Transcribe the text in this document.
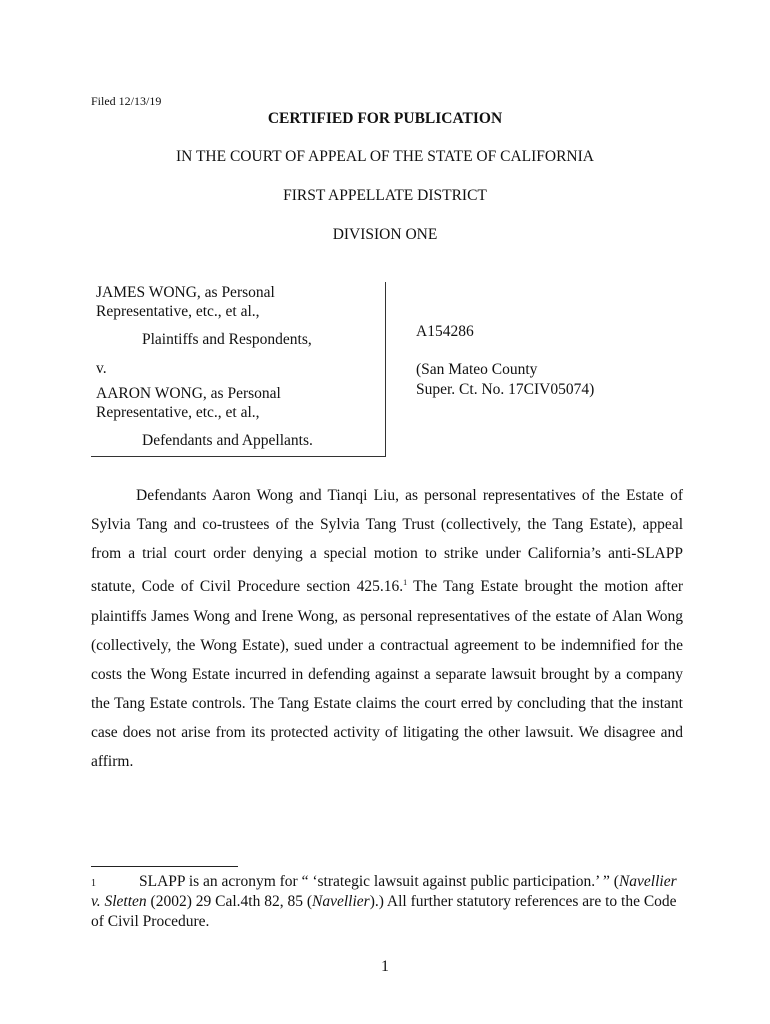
Filed 12/13/19
CERTIFIED FOR PUBLICATION
IN THE COURT OF APPEAL OF THE STATE OF CALIFORNIA
FIRST APPELLATE DISTRICT
DIVISION ONE
JAMES WONG, as Personal
Representative, etc., et al.,
Plaintiffs and Respondents,
v.
AARON WONG, as Personal
Representative, etc., et al.,
Defendants and Appellants.
A154286
(San Mateo County
Super. Ct. No. 17CIV05074)

Defendants Aaron Wong and Tianqi Liu, as personal representatives of the Estate of Sylvia Tang and co-trustees of the Sylvia Tang Trust (collectively, the Tang Estate), appeal from a trial court order denying a special motion to strike under California’s anti-SLAPP statute, Code of Civil Procedure section 425.16.$^1$ The Tang Estate brought the motion after plaintiffs James Wong and Irene Wong, as personal representatives of the estate of Alan Wong (collectively, the Wong Estate), sued under a contractual agreement to be indemnified for the costs the Wong Estate incurred in defending against a separate lawsuit brought by a company the Tang Estate controls. The Tang Estate claims the court erred by concluding that the instant case does not arise from its protected activity of litigating the other lawsuit. We disagree and affirm.

$^1$	SLAPP is an acronym for “ ‘strategic lawsuit against public participation.’ ” (Navellier v. Sletten (2002) 29 Cal.4th 82, 85 (Navellier).) All further statutory references are to the Code of Civil Procedure.
1
